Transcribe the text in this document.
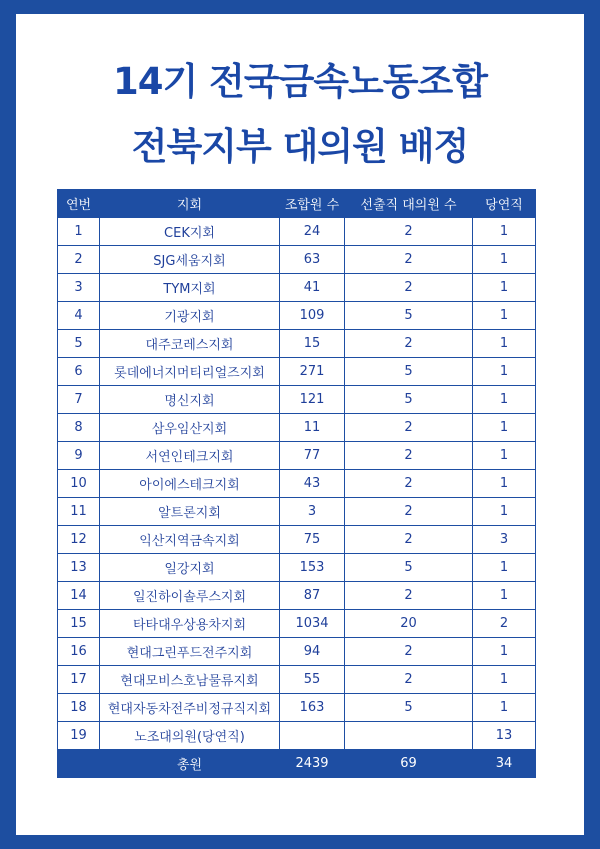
14기 전국금속노동조합
전북지부 대의원 배정
연번	지회	조합원 수	선출직 대의원 수	당연직
1	CEK지회	24	2	1
2	SJG세움지회	63	2	1
3	TYM지회	41	2	1
4	기광지회	109	5	1
5	대주코레스지회	15	2	1
6	롯데에너지머티리얼즈지회	271	5	1
7	명신지회	121	5	1
8	삼우임산지회	11	2	1
9	서연인테크지회	77	2	1
10	아이에스테크지회	43	2	1
11	알트론지회	3	2	1
12	익산지역금속지회	75	2	3
13	일강지회	153	5	1
14	일진하이솔루스지회	87	2	1
15	타타대우상용차지회	1034	20	2
16	현대그린푸드전주지회	94	2	1
17	현대모비스호남물류지회	55	2	1
18	현대자동차전주비정규직지회	163	5	1
19	노조대의원(당연직)			13
	총원	2439	69	34
